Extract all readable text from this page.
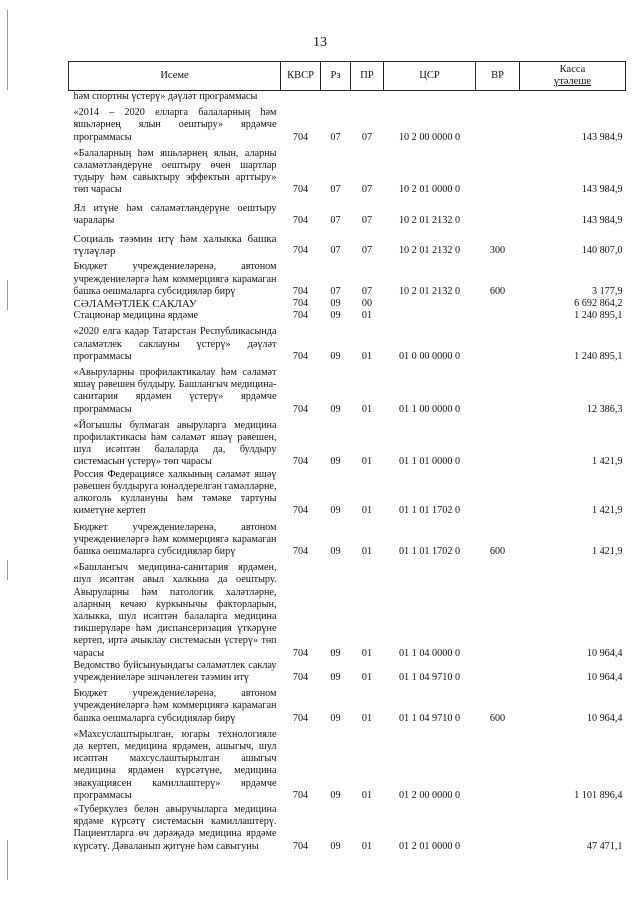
13
Исеме	КВСР	Рз	ПР	ЦСР	ВР	Касса
үтәлеше

һәм спортны үстерү» дәүләт программасы						
«2014 – 2020 елларга балаларның һәм яшьләрнең ялын оештыру» ярдәмче программасы	704	07	07	10 2 00 0000 0		143 984,9
«Балаларның һәм яшьләрнең ялын, аларны сәламәтләндерүне оештыру өчен шартлар тудыру һәм савыктыру эффектын арттыру» төп чарасы	704	07	07	10 2 01 0000 0		143 984,9
Ял итүне һәм сәламәтләндерүне оештыру чаралары	704	07	07	10 2 01 2132 0		143 984,9
Социаль тәэмин итү һәм халыкка башка түләүләр	704	07	07	10 2 01 2132 0	300	140 807,0
Бюджет учреждениеләренә, автоном учреждениеләргә һәм коммерциягә карамаган башка оешмаларга субсидияләр бирү	704	07	07	10 2 01 2132 0	600	3 177,9
СӘЛАМӘТЛЕК САКЛАУ	704	09	00			6 692 864,2
Стационар медицина ярдәме	704	09	01			1 240 895,1
«2020 елга кадәр Татарстан Республикасында сәламәтлек саклауны үстерү» дәүләт программасы	704	09	01	01 0 00 0000 0		1 240 895,1
«Авыруларны профилактикалау һәм сәламәт яшәү рәвешен булдыру. Башлангыч медицина-санитария ярдәмен үстерү» ярдәмче программасы	704	09	01	01 1 00 0000 0		12 386,3
«Йогышлы булмаган авыруларга медицина профилактикасы һәм сәламәт яшәү рәвешен, шул исәптән балаларда да, булдыру системасын үстерү» төп чарасы	704	09	01	01 1 01 0000 0		1 421,9
Россия Федерациясе халкының сәламәт яшәү рәвешен булдыруга юнәлдерелгән гамәлләрне, алкоголь куллануны һәм тәмәке тартуны киметүне кертеп	704	09	01	01 1 01 1702 0		1 421,9
Бюджет учреждениеләренә, автоном учреждениеләргә һәм коммерциягә карамаган башка оешмаларга субсидияләр бирү	704	09	01	01 1 01 1702 0	600	1 421,9
«Башлангыч медицина-санитария ярдәмен, шул исәптән авыл халкына да оештыру. Авыруларны һәм патологик халәтләрне, аларның кечәю куркынычы факторларын, халыкка, шул исәптән балаларга медицина тикшерүләре һәм диспансеризация үткәрүне кертеп, иртә ачыклау системасын үстерү» төп чарасы	704	09	01	01 1 04 0000 0		10 964,4
Ведомство буйсынуындагы сәламәтлек саклау учреждениеләре эшчәнлеген тәэмин итү	704	09	01	01 1 04 9710 0		10 964,4
Бюджет учреждениеләренә, автоном учреждениеләргә һәм коммерциягә карамаган башка оешмаларга субсидияләр бирү	704	09	01	01 1 04 9710 0	600	10 964,4
«Махсуслаштырылган, югары технологияле дә кертеп, медицина ярдәмен, ашыгыч, шул исәптән махсуслаштырылган ашыгыч медицина ярдәмен күрсәтүне, медицина эвакуациясен камиллаштерү» ярдәмче программасы	704	09	01	01 2 00 0000 0		1 101 896,4
«Туберкулез белән авыручыларга медицина ярдәме күрсәтү системасын камиллаштерү. Пациентларга өч дәрәҗәдә медицина ярдәме күрсәтү. Дәваланып җитүне һәм савыгуны	704	09	01	01 2 01 0000 0		47 471,1
